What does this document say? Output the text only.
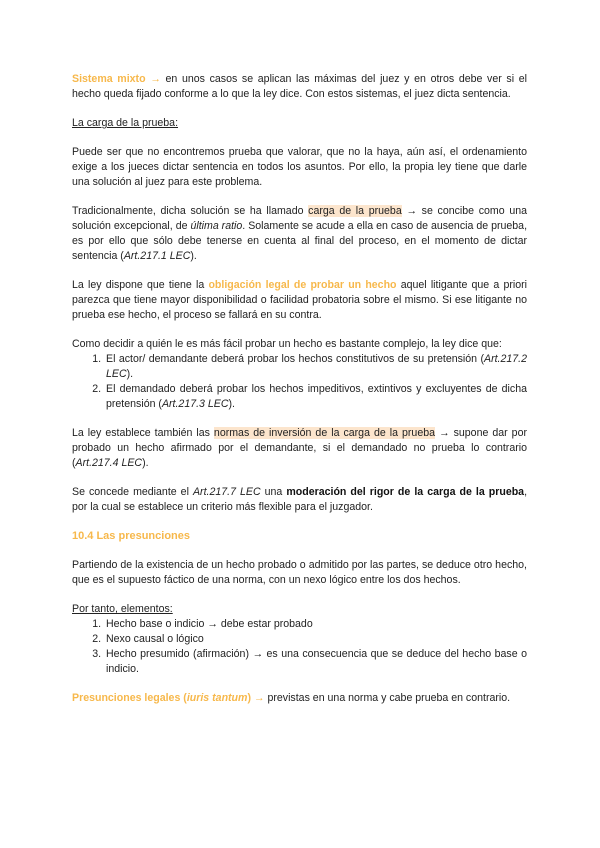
Sistema mixto → en unos casos se aplican las máximas del juez y en otros debe ver si el hecho queda fijado conforme a lo que la ley dice. Con estos sistemas, el juez dicta sentencia.

La carga de la prueba:

Puede ser que no encontremos prueba que valorar, que no la haya, aún así, el ordenamiento exige a los jueces dictar sentencia en todos los asuntos. Por ello, la propia ley tiene que darle una solución al juez para este problema.

Tradicionalmente, dicha solución se ha llamado carga de la prueba → se concibe como una solución excepcional, de última ratio. Solamente se acude a ella en caso de ausencia de prueba, es por ello que sólo debe tenerse en cuenta al final del proceso, en el momento de dictar sentencia (Art.217.1 LEC).

La ley dispone que tiene la obligación legal de probar un hecho aquel litigante que a priori parezca que tiene mayor disponibilidad o facilidad probatoria sobre el mismo. Si ese litigante no prueba ese hecho, el proceso se fallará en su contra.

Como decidir a quién le es más fácil probar un hecho es bastante complejo, la ley dice que:

1. El actor/ demandante deberá probar los hechos constitutivos de su pretensión (Art.217.2 LEC).
2. El demandado deberá probar los hechos impeditivos, extintivos y excluyentes de dicha pretensión (Art.217.3 LEC).

La ley establece también las normas de inversión de la carga de la prueba → supone dar por probado un hecho afirmado por el demandante, si el demandado no prueba lo contrario (Art.217.4 LEC).

Se concede mediante el Art.217.7 LEC una moderación del rigor de la carga de la prueba, por la cual se establece un criterio más flexible para el juzgador.

10.4 Las presunciones

Partiendo de la existencia de un hecho probado o admitido por las partes, se deduce otro hecho, que es el supuesto fáctico de una norma, con un nexo lógico entre los dos hechos.

Por tanto, elementos:

1. Hecho base o indicio → debe estar probado
2. Nexo causal o lógico
3. Hecho presumido (afirmación) → es una consecuencia que se deduce del hecho base o indicio.

Presunciones legales (iuris tantum) → previstas en una norma y cabe prueba en contrario.
